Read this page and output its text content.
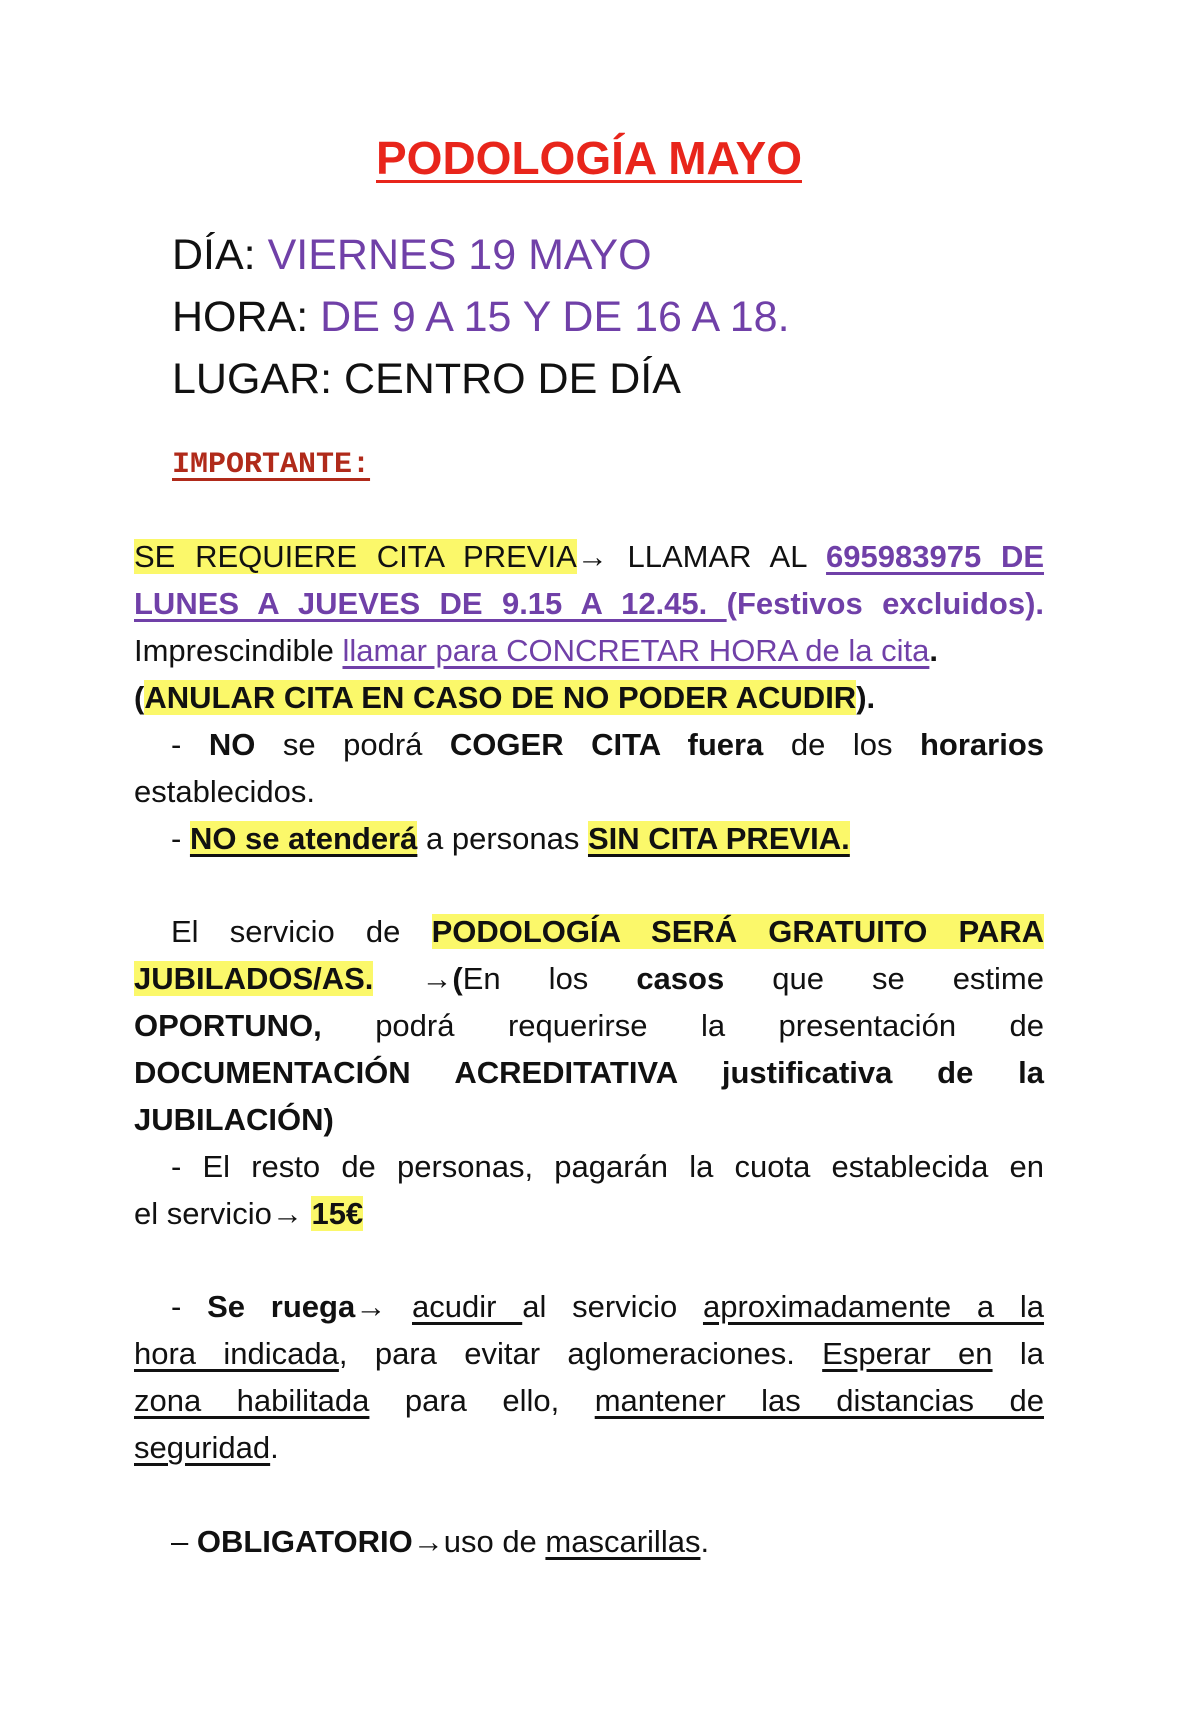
PODOLOGÍA MAYO
DÍA: VIERNES 19 MAYO
HORA: DE 9 A 15 Y DE 16 A 18.
LUGAR: CENTRO DE DÍA
IMPORTANTE:
SE REQUIERE CITA PREVIA→ LLAMAR AL 695983975 DE
LUNES A JUEVES DE 9.15 A 12.45. (Festivos excluidos).
Imprescindible llamar para CONCRETAR HORA de la cita.
(ANULAR CITA EN CASO DE NO PODER ACUDIR).
- NO se podrá COGER CITA fuera de los horarios
establecidos.
- NO se atenderá a personas SIN CITA PREVIA.
El servicio de PODOLOGÍA SERÁ GRATUITO PARA
JUBILADOS/AS. →(En los casos que se estime
OPORTUNO, podrá requerirse la presentación de
DOCUMENTACIÓN ACREDITATIVA justificativa de la
JUBILACIÓN)
- El resto de personas, pagarán la cuota establecida en
el servicio→ 15€
- Se ruega→ acudir al servicio aproximadamente a la
hora indicada, para evitar aglomeraciones. Esperar en la
zona habilitada para ello, mantener las distancias de
seguridad.
– OBLIGATORIO→uso de mascarillas.
